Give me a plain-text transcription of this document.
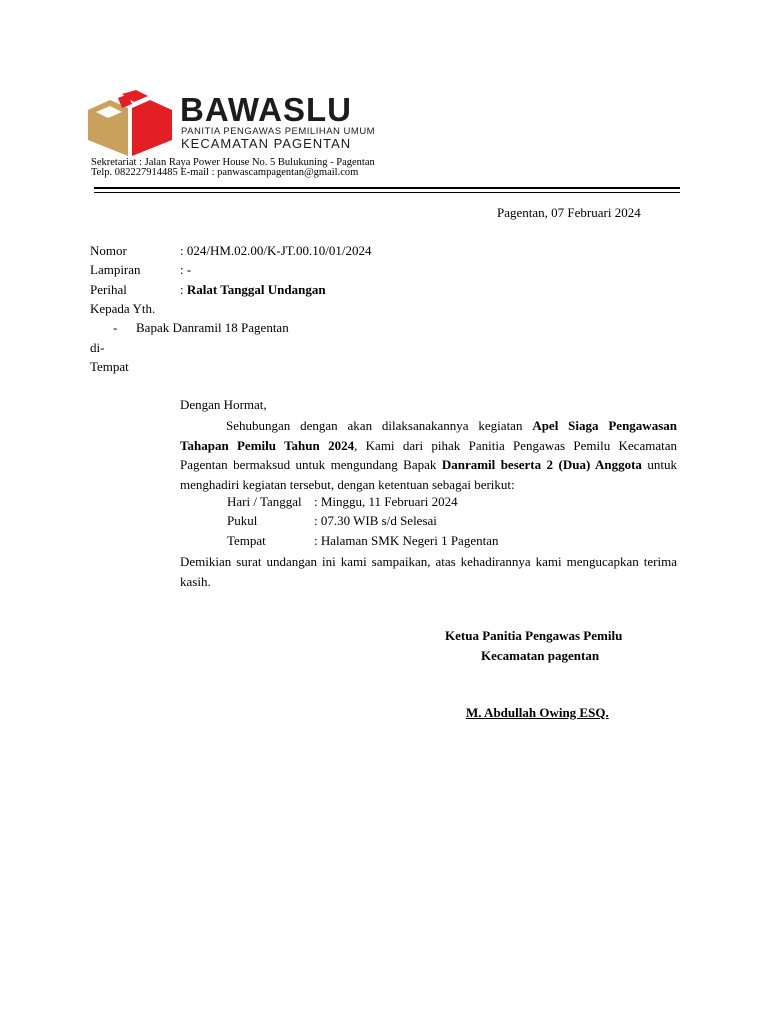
BAWASLU
PANITIA PENGAWAS PEMILIHAN UMUM
KECAMATAN PAGENTAN
Sekretariat : Jalan Raya Power House No. 5 Bulukuning - Pagentan
Telp. 082227914485 E-mail : panwascampagentan@gmail.com
Pagentan, 07 Februari 2024
Nomor	: 024/HM.02.00/K-JT.00.10/01/2024
Lampiran	: -
Perihal	: Ralat Tanggal Undangan
Kepada Yth.
- Bapak Danramil 18 Pagentan
di-
Tempat
Dengan Hormat,
Sehubungan dengan akan dilaksanakannya kegiatan Apel Siaga Pengawasan Tahapan Pemilu Tahun 2024, Kami dari pihak Panitia Pengawas Pemilu Kecamatan Pagentan bermaksud untuk mengundang Bapak Danramil beserta 2 (Dua) Anggota untuk menghadiri kegiatan tersebut, dengan ketentuan sebagai berikut:
Hari / Tanggal : Minggu, 11 Februari 2024
Pukul	: 07.30 WIB s/d Selesai
Tempat	: Halaman SMK Negeri 1 Pagentan
Demikian surat undangan ini kami sampaikan, atas kehadirannya kami mengucapkan terima kasih.
Ketua Panitia Pengawas Pemilu
Kecamatan pagentan
M. Abdullah Owing ESQ.
